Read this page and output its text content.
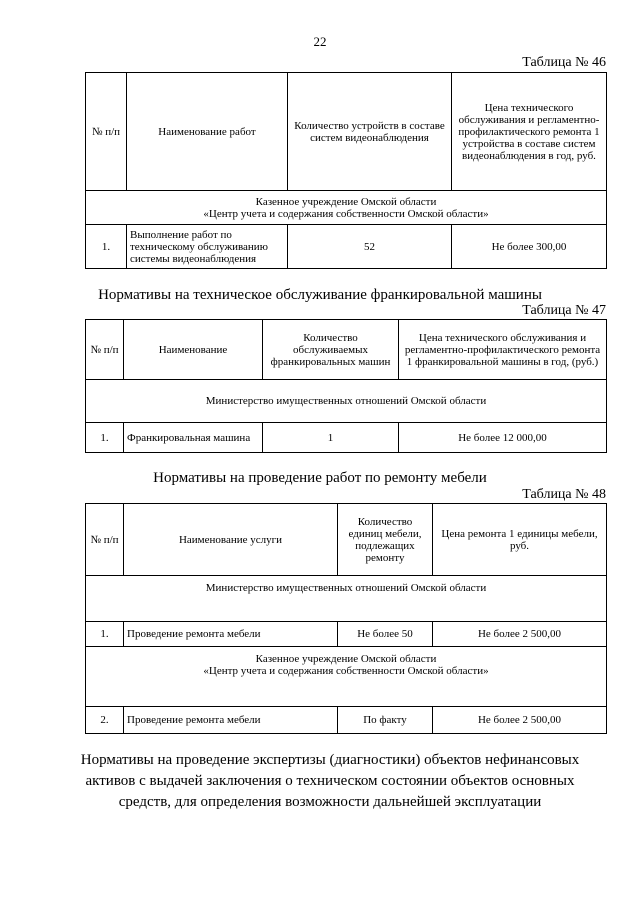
22
Таблица № 46
№ п/п	Наименование работ	Количество устройств в составе систем видеонаблюдения	Цена технического обслуживания и регламентно-профилактического ремонта 1 устройства в составе систем видеонаблюдения в год, руб.
Казенное учреждение Омской области
«Центр учета и содержания собственности Омской области»			
1.	Выполнение работ по техническому обслуживанию системы видеонаблюдения	52	Не более 300,00
Нормативы на техническое обслуживание франкировальной машины
Таблица № 47
№ п/п	Наименование	Количество обслуживаемых франкировальных машин	Цена технического обслуживания и регламентно-профилактического ремонта 1 франкировальной машины в год, (руб.)
Министерство имущественных отношений Омской области			
1.	Франкировальная машина	1	Не более 12 000,00
Нормативы на проведение работ по ремонту мебели
Таблица № 48
№ п/п	Наименование услуги	Количество единиц мебели, подлежащих ремонту	Цена ремонта 1 единицы мебели, руб.
Министерство имущественных отношений Омской области			
1.	Проведение ремонта мебели	Не более 50	Не более 2 500,00
Казенное учреждение Омской области
«Центр учета и содержания собственности Омской области»			
2.	Проведение ремонта мебели	По факту	Не более 2 500,00
Нормативы на проведение экспертизы (диагностики) объектов нефинансовых активов с выдачей заключения о техническом состоянии объектов основных средств, для определения возможности дальнейшей эксплуатации
